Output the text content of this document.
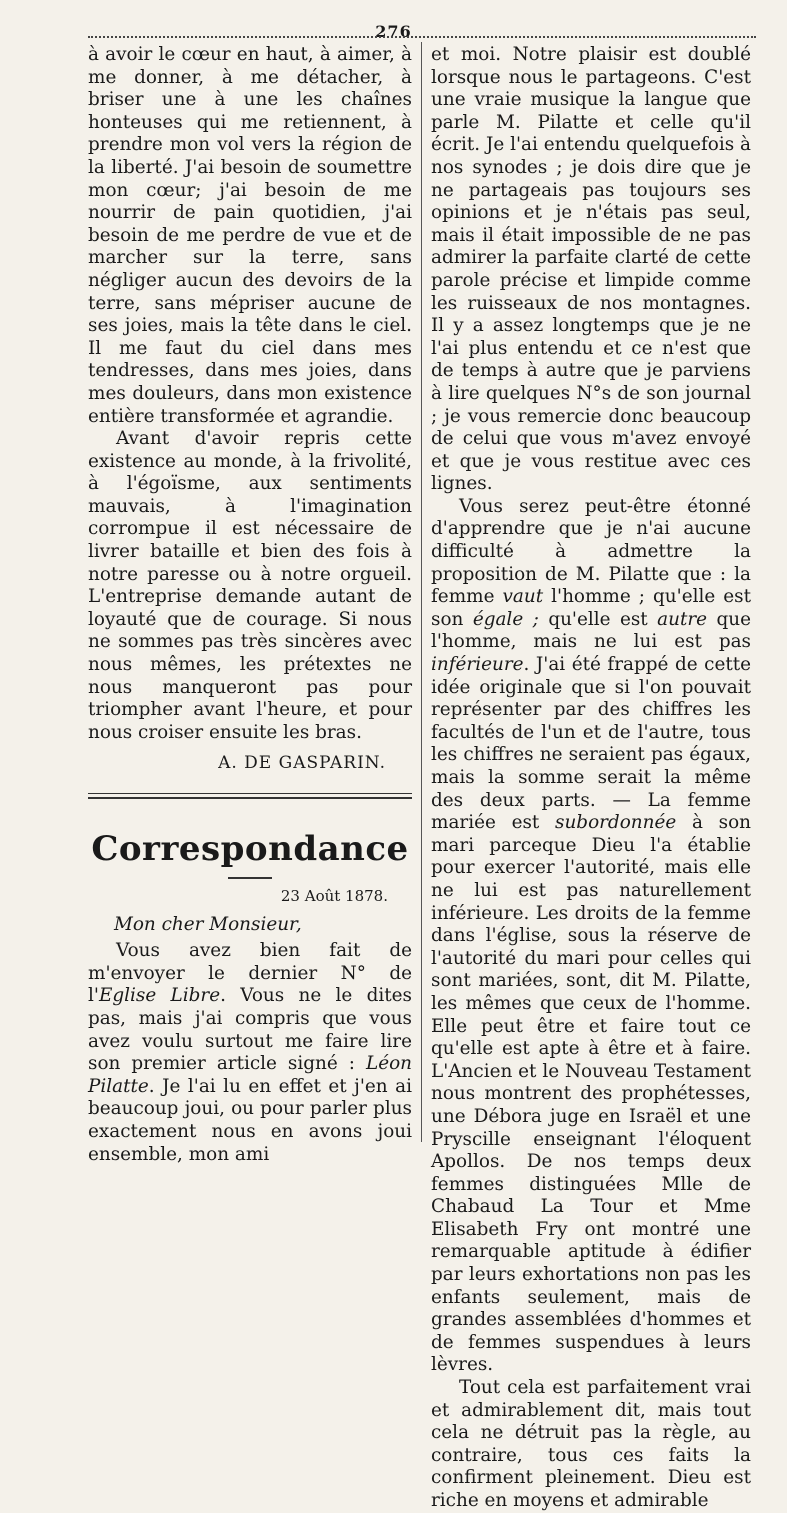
276

à avoir le cœur en haut, à aimer, à me donner, à me détacher, à briser une à une les chaînes honteuses qui me retiennent, à prendre mon vol vers la région de la liberté. J'ai besoin de soumettre mon cœur; j'ai besoin de me nourrir de pain quotidien, j'ai besoin de me perdre de vue et de marcher sur la terre, sans négliger aucun des devoirs de la terre, sans mépriser aucune de ses joies, mais la tête dans le ciel. Il me faut du ciel dans mes tendresses, dans mes joies, dans mes douleurs, dans mon existence entière transformée et agrandie.

Avant d'avoir repris cette existence au monde, à la frivolité, à l'égoïsme, aux sentiments mauvais, à l'imagination corrompue il est nécessaire de livrer bataille et bien des fois à notre paresse ou à notre orgueil. L'entreprise demande autant de loyauté que de courage. Si nous ne sommes pas très sincères avec nous mêmes, les prétextes ne nous manqueront pas pour triompher avant l'heure, et pour nous croiser ensuite les bras.

A. DE GASPARIN.
Correspondance
23 Août 1878.
Mon cher Monsieur,

Vous avez bien fait de m'envoyer le dernier N° de l'Eglise Libre. Vous ne le dites pas, mais j'ai compris que vous avez voulu surtout me faire lire son premier article signé : Léon Pilatte. Je l'ai lu en effet et j'en ai beaucoup joui, ou pour parler plus exactement nous en avons joui ensemble, mon ami

et moi. Notre plaisir est doublé lorsque nous le partageons. C'est une vraie musique la langue que parle M. Pilatte et celle qu'il écrit. Je l'ai entendu quelquefois à nos synodes ; je dois dire que je ne partageais pas toujours ses opinions et je n'étais pas seul, mais il était impossible de ne pas admirer la parfaite clarté de cette parole précise et limpide comme les ruisseaux de nos montagnes. Il y a assez longtemps que je ne l'ai plus entendu et ce n'est que de temps à autre que je parviens à lire quelques N°s de son journal ; je vous remercie donc beaucoup de celui que vous m'avez envoyé et que je vous restitue avec ces lignes.

Vous serez peut-être étonné d'apprendre que je n'ai aucune difficulté à admettre la proposition de M. Pilatte que : la femme vaut l'homme ; qu'elle est son égale ; qu'elle est autre que l'homme, mais ne lui est pas inférieure. J'ai été frappé de cette idée originale que si l'on pouvait représenter par des chiffres les facultés de l'un et de l'autre, tous les chiffres ne seraient pas égaux, mais la somme serait la même des deux parts. — La femme mariée est subordonnée à son mari parceque Dieu l'a établie pour exercer l'autorité, mais elle ne lui est pas naturellement inférieure. Les droits de la femme dans l'église, sous la réserve de l'autorité du mari pour celles qui sont mariées, sont, dit M. Pilatte, les mêmes que ceux de l'homme. Elle peut être et faire tout ce qu'elle est apte à être et à faire. L'Ancien et le Nouveau Testament nous montrent des prophétesses, une Débora juge en Israël et une Pryscille enseignant l'éloquent Apollos. De nos temps deux femmes distinguées Mlle de Chabaud La Tour et Mme Elisabeth Fry ont montré une remarquable aptitude à édifier par leurs exhortations non pas les enfants seulement, mais de grandes assemblées d'hommes et de femmes suspendues à leurs lèvres.

Tout cela est parfaitement vrai et admirablement dit, mais tout cela ne détruit pas la règle, au contraire, tous ces faits la confirment pleinement. Dieu est riche en moyens et admirable
